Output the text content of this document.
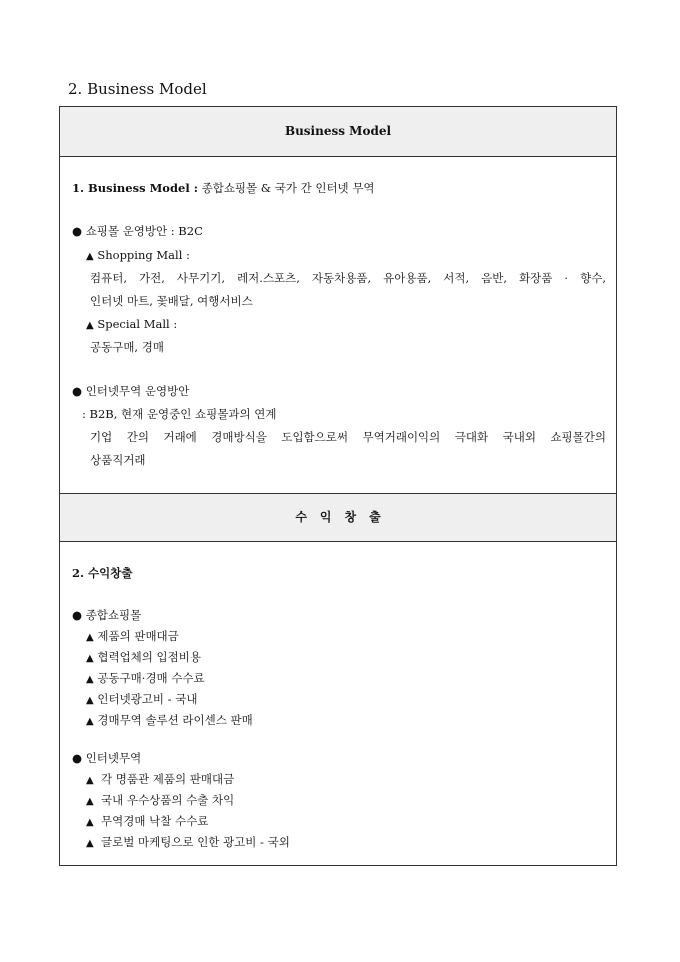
2. Business Model
Business Model
1. Business Model : 종합쇼핑몰 & 국가 간 인터넷 무역
● 쇼핑몰 운영방안 : B2C
▲ Shopping Mall :
컴퓨터, 가전, 사무기기, 레저.스포츠, 자동차용품, 유아용품, 서적, 음반, 화장품 · 향수,
인터넷 마트, 꽃배달, 여행서비스
▲ Special Mall :
공동구매, 경매
● 인터넷무역 운영방안
: B2B, 현재 운영중인 쇼핑몰과의 연계
기업 간의 거래에 경매방식을 도입함으로써 무역거래이익의 극대화 국내외 쇼핑몰간의
상품직거래
수익창출
2. 수익창출
● 종합쇼핑몰
▲ 제품의 판매대금
▲ 협력업체의 입점비용
▲ 공동구매·경매 수수료
▲ 인터넷광고비 - 국내
▲ 경매무역 솔루션 라이센스 판매
● 인터넷무역
▲ 각 명품관 제품의 판매대금
▲ 국내 우수상품의 수출 차익
▲ 무역경매 낙찰 수수료
▲ 글로벌 마케팅으로 인한 광고비 - 국외
